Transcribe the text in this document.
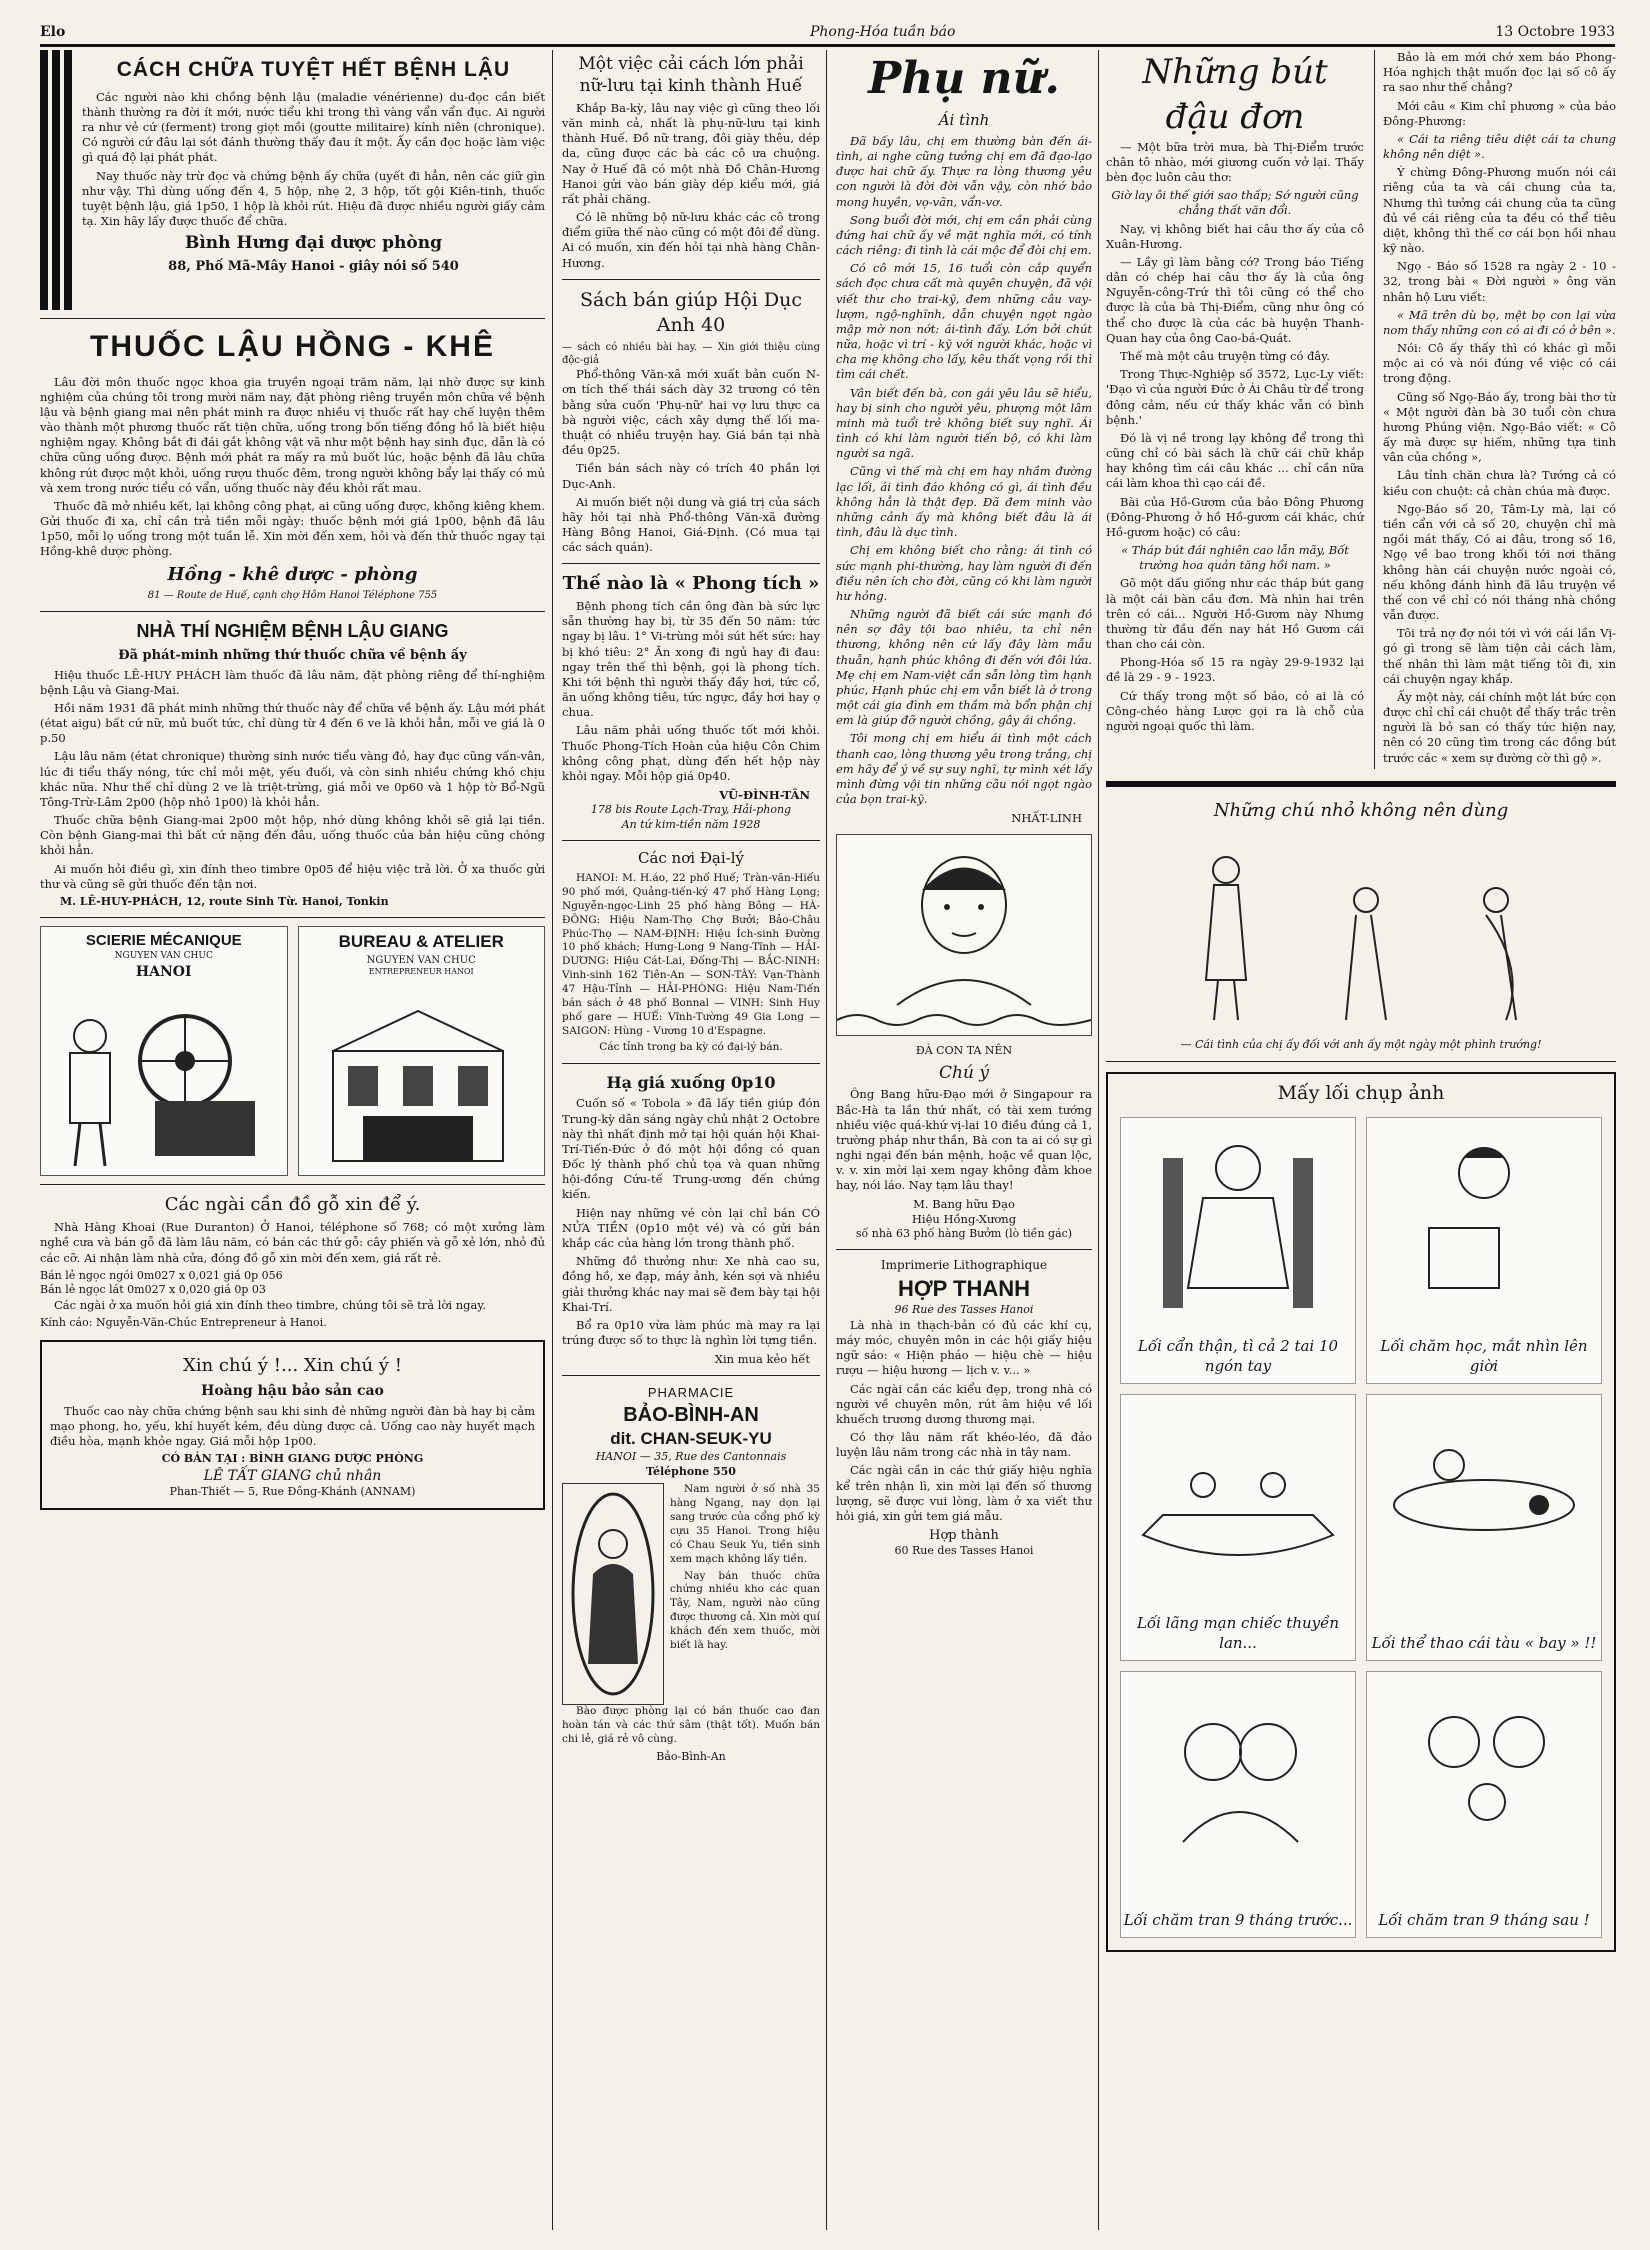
Elo	Phong-Hóa tuần báo	13 Octobre 1933
CÁCH CHỮA TUYỆT HẾT BỆNH LẬU

Các người nào khi chồng bệnh lậu (maladie vénérienne) du-đọc cần biết thành thường ra đời ít mới, nước tiểu khi trong thì vàng vẩn vẩn đục. Ai người ra như vẻ cứ (ferment) trong giọt mồi (goutte militaire) kính niên (chronique). Có người cứ đâu lại sót đánh thường thấy đau ít một. Ấy cần đọc hoặc làm việc gì quá độ lại phát phát.

Nay thuốc này trừ đọc và chứng bệnh ấy chữa (uyết đi hẳn, nên các giữ gìn như vậy. Thì dùng uống đến 4, 5 hộp, nhẹ 2, 3 hộp, tốt gội Kiên-tinh, thuốc tuyệt bệnh lậu, giá 1p50, 1 hộp là khỏi rút. Hiệu đã được nhiều người giấy cảm tạ. Xin hãy lấy được thuốc để chữa.

Bình Hưng đại dược phòng
88, Phố Mã-Mây Hanoi - giây nói số 540
THUỐC LẬU HỒNG - KHÊ

Lâu đời môn thuốc ngọc khoa gia truyền ngoại trăm năm, lại nhờ được sự kinh nghiệm của chúng tôi trong mười năm nay, đặt phòng riêng truyền môn chữa về bệnh lậu và bệnh giang mai nên phát minh ra được nhiều vị thuốc rất hay chế luyện thêm vào thành một phương thuốc rất tiện chữa, uống trong bốn tiếng đồng hồ là biết hiệu nghiệm ngay. Không bắt đi đái gắt không vật vã như một bệnh hay sinh đục, dẫn là có chữa cũng uống được. Bệnh mới phát ra mấy ra mủ buốt lúc, hoặc bệnh đã lâu chữa không rút được một khỏi, uống rượu thuốc đêm, trong người không bẩy lại thấy có mủ và xem trong nước tiểu có vẩn, uống thuốc này đều khỏi rất mau.

Thuốc đã mở nhiều kết, lại không công phạt, ai cũng uống được, không kiêng khem. Gửi thuốc đi xa, chỉ cần trả tiền mỗi ngày: thuốc bệnh mới giá 1p00, bệnh đã lâu 1p50, mỗi lọ uống trong một tuần lễ. Xin mời đến xem, hỏi và đến thử thuốc ngay tại Hồng-khê dược phòng.

Hồng - khê dược - phòng
81 — Route de Huế, cạnh chợ Hôm Hanoi Téléphone 755
NHÀ THÍ NGHIỆM BỆNH LẬU GIANG
Đã phát-minh những thứ thuốc chữa về bệnh ấy

Hiệu thuốc LÊ-HUY PHÁCH làm thuốc đã lâu năm, đặt phòng riêng để thí-nghiệm bệnh Lậu và Giang-Mai.

Hồi năm 1931 đã phát minh những thứ thuốc này để chữa về bệnh ấy. Lậu mới phát (état aigu) bất cứ nữ, mủ buốt tức, chỉ dùng từ 4 đến 6 ve là khỏi hẳn, mỗi ve giá là 0 p.50

Lậu lâu năm (état chronique) thường sinh nước tiểu vàng đỏ, hay đục cũng vấn-vân, lúc đi tiểu thấy nóng, tức chỉ mỏi mệt, yếu đuối, và còn sinh nhiều chứng khó chịu khác nữa. Như thế chỉ dùng 2 ve là triệt-trừng, giá mỗi ve 0p60 và 1 hộp tờ Bổ-Ngũ Tông-Trừ-Lâm 2p00 (hộp nhỏ 1p00) là khỏi hẳn.

Thuốc chữa bệnh Giang-mai 2p00 một hộp, nhớ dùng không khỏi sẽ giả lại tiền. Còn bệnh Giang-mai thì bất cứ nặng đến đâu, uống thuốc của bản hiệu cũng chóng khỏi hẳn.

Ai muốn hỏi điều gì, xin đính theo timbre 0p05 để hiệu việc trả lời. Ở xa thuốc gửi thư và cũng sẽ gửi thuốc đến tận nơi.

M. LÊ-HUY-PHÁCH, 12, route Sinh Từ. Hanoi, Tonkin
SCIERIE MÉCANIQUE
NGUYEN VAN CHUC
HANOI
BUREAU & ATELIER
NGUYEN VAN CHUC
ENTREPRENEUR HANOI
Các ngài cần đồ gỗ xin để ý.

Nhà Hàng Khoai (Rue Duranton) Ở Hanoi, téléphone số 768; có một xưởng làm nghề cưa và bán gỗ đã làm lâu năm, có bán các thứ gỗ: cây phiến và gỗ xẻ lớn, nhỏ đủ các cỡ. Ai nhận làm nhà cửa, đóng đồ gỗ xin mời đến xem, giá rất rẻ.

Bán lẻ ngọc ngói 0m027 x 0,021 giá 0p 056
Bán lẻ ngọc lát 0m027 x 0,020 giá 0p 03

Các ngài ở xa muốn hỏi giá xin đính theo timbre, chúng tôi sẽ trả lời ngay.

Kính cáo: Nguyễn-Văn-Chúc Entrepreneur à Hanoi.
Xin chú ý !... Xin chú ý !
Hoàng hậu bảo sản cao

Thuốc cao này chữa chứng bệnh sau khi sinh đẻ những người đàn bà hay bị cảm mạo phong, ho, yếu, khí huyết kém, đều dùng được cả. Uống cao này huyết mạch điều hòa, mạnh khỏe ngay. Giá mỗi hộp 1p00.

CÓ BÁN TẠI : BÌNH GIANG DƯỢC PHÒNG
LÊ TẤT GIANG chủ nhân
Phan-Thiết — 5, Rue Đông-Khánh (ANNAM)
Một việc cải cách lớn phải nữ-lưu tại kinh thành Huế

Khắp Ba-kỳ, lâu nay việc gì cũng theo lối văn minh cả, nhất là phụ-nữ-lưu tại kinh thành Huế. Đồ nữ trang, đôi giày thêu, dép da, cũng được các bà các cô ưa chuộng. Nay ở Huế đã có một nhà Đồ Chân-Hương Hanoi gửi vào bán giày dép kiểu mới, giá rất phải chăng.

Có lẽ những bộ nữ-lưu khác các cô trong điểm giữa thế nào cũng có một đôi để dùng. Ai có muốn, xin đến hỏi tại nhà hàng Chân-Hương.

Sách bán giúp Hội Dục Anh 40
— sách có nhiều bài hay. — Xin giới thiệu cùng độc-giả

Phổ-thông Văn-xã mới xuất bản cuốn N-ơn tích thế thái sách dày 32 trương có tên bằng sửa cuốn 'Phụ-nữ' hai vợ lưu thực ca bà người việc, cách xây dựng thế lối ma-thuật có nhiều truyện hay. Giá bán tại nhà đều 0p25.

Tiền bán sách này có trích 40 phần lợi Dục-Anh.

Ai muốn biết nội dung và giá trị của sách hãy hỏi tại nhà Phổ-thông Văn-xã đường Hàng Bông Hanoi, Giá-Định. (Có mua tại các sách quán).

Thế nào là « Phong tích »

Bệnh phong tích cần ông đàn bà sức lực sẵn thường hay bị, từ 35 đến 50 năm: tức ngay bị lâu. 1° Vi-trùng mỏi sút hết sức: hay bị khó tiêu: 2° Ăn xong đi ngủ hay đi đau: ngay trên thế thì bệnh, gọi là phong tích. Khi tới bệnh thì người thấy đầy hơi, tức cổ, ăn uống không tiêu, tức ngực, đầy hơi hay ợ chua.

Lâu năm phải uống thuốc tốt mới khỏi. Thuốc Phong-Tích Hoàn của hiệu Côn Chim không công phạt, dùng đến hết hộp này khỏi ngay. Mỗi hộp giá 0p40.

VŨ-ĐÌNH-TÂN
178 bis Route Lạch-Tray, Hải-phong
An tứ kim-tiền năm 1928
Các nơi Đại-lý

HANOI: M. H.áo, 22 phố Huế; Tràn-văn-Hiếu 90 phố mới, Quảng-tiến-ký 47 phố Hàng Lọng; Nguyễn-ngọc-Linh 25 phố hàng Bông — HÀ-ĐÔNG: Hiệu Nam-Thọ Chợ Bưởi; Bảo-Châu Phúc-Thọ — NAM-ĐỊNH: Hiệu Ích-sinh Đường 10 phố khách; Hưng-Long 9 Nang-Tĩnh — HẢI-DƯƠNG: Hiệu Cát-Lai, Đống-Thị — BẮC-NINH: Vinh-sinh 162 Tiên-An — SƠN-TÂY: Vạn-Thành 47 Hậu-Tỉnh — HẢI-PHÒNG: Hiệu Nam-Tiến bán sách ở 48 phố Bonnal — VINH: Sinh Huy phố gare — HUẾ: Vĩnh-Tường 49 Gia Long — SAIGON: Hùng - Vương 10 d'Espagne.

Các tỉnh trong ba kỳ có đại-lý bán.
Hạ giá xuống 0p10

Cuốn số « Tobola » đã lấy tiền giúp đón Trung-kỳ dân sáng ngày chủ nhật 2 Octobre này thì nhất định mở tại hội quán hội Khai-Trí-Tiến-Đức ở đó một hội đồng có quan Đốc lý thành phố chủ tọa và quan những hội-đồng Cứu-tế Trung-ương đến chứng kiến.

Hiện nay những vé còn lại chỉ bán CÓ NỬA TIỀN (0p10 một vé) và có gửi bán khắp các của hàng lớn trong thành phố.

Những đồ thưởng như: Xe nhà cao su, đồng hồ, xe đạp, máy ảnh, kén sợi và nhiều giải thưởng khác nay mai sẽ đem bày tại hội Khai-Trí.

Bổ ra 0p10 vừa làm phúc mà may ra lại trúng được số to thực là nghìn lời tựng tiền.

Xin mua kẻo hết
PHARMACIE
BẢO-BÌNH-AN
dit. CHAN-SEUK-YU
HANOI — 35, Rue des Cantonnais
Téléphone 550

Nam người ở số nhà 35 hàng Ngang, nay dọn lại sang trước của cổng phố kỳ cựu 35 Hanoi. Trong hiệu có Chau Seuk Yu, tiền sinh xem mạch không lấy tiền.

Nay bán thuốc chữa chứng nhiều kho các quan Tây, Nam, người nào cũng được thương cả. Xin mời quí khách đến xem thuốc, mời biết là hay.

Bào được phòng lại có bán thuốc cao đan hoàn tán và các thứ sâm (thật tốt). Muốn bán chi lẻ, giá rẻ vô cùng.

Bảo-Bình-An
Phụ nữ.
Ái tình

Đã bấy lâu, chị em thường bàn đến ái-tình, ai nghe cũng tưởng chị em đã đạo-lạo được hai chữ ấy. Thực ra lòng thương yêu con người là đời đời vẫn vậy, còn nhớ bảo mong huyền, vọ-vãn, vẩn-vơ.

Song buổi đời mới, chị em cần phải cùng đứng hai chữ ấy về mặt nghĩa mới, có tính cách riêng: đi tình là cái mộc để đòi chị em.

Có cô mới 15, 16 tuổi còn cắp quyển sách đọc chưa cất mà quyên chuyện, đã vội viết thư cho trai-kỹ, đem những câu vay-lượm, ngộ-nghĩnh, dẫn chuyện ngọt ngào mập mờ non nớt: ái-tình đấy. Lớn bởi chút nữa, hoặc vì trí - kỹ với người khác, hoặc vì cha mẹ không cho lấy, kêu thất vọng rồi thì tìm cái chết.

Vân biết đến bà, con gái yêu lâu sẽ hiểu, hay bị sinh cho người yêu, phượng một lâm minh mà tuổi trẻ không biết suy nghĩ. Ái tình có khi làm người tiến bộ, có khi làm người sa ngã.

Cũng vì thế mà chị em hay nhầm đường lạc lối, ái tình đáo không có gì, ái tình đều không hẳn là thật đẹp. Đã đem minh vào những cảnh ấy mà không biết đâu là ái tình, đâu là dục tình.

Chị em không biết cho rằng: ái tình có sức mạnh phi-thường, hay làm người đi đến điều nên ích cho đời, cũng có khi làm người hư hỏng.

Những người đã biết cái sức mạnh đó nên sợ đây tội bao nhiêu, ta chỉ nên thương, không nên cứ lấy đây làm mẫu thuẫn, hạnh phúc không đi đến với đôi lứa. Mẹ chị em Nam-việt cần sẵn lòng tìm hạnh phúc, Hạnh phúc chị em vẫn biết là ở trong một cái gia đình em thầm mà bổn phận chị em là giúp đỡ người chồng, gây ái chồng.

Tôi mong chị em hiểu ái tình một cách thanh cao, lòng thương yêu trong trắng, chị em hãy để ý về sự suy nghĩ, tự mình xét lấy mình đừng vội tin những câu nói ngọt ngào của bọn trai-kỹ.

NHẤT-LINH
ĐÀ CON TA NÊN
Chú ý

Ông Bang hữu-Đạo mới ở Singapour ra Bắc-Hà ta lần thứ nhất, có tài xem tướng nhiều việc quá-khứ vị-lai 10 điều đúng cả 1, trường pháp như thần, Bà con ta ai có sự gì nghi ngại đến bán mệnh, hoặc về quan lộc, v. v. xin mời lại xem ngay không đằm khoe hay, nói láo. Nay tạm lâu thay!

M. Bang hữu Đạo
Hiệu Hồng-Xương
số nhà 63 phố hàng Bưởm (lò tiền gác)
Imprimerie Lithographique
HỢP THANH
96 Rue des Tasses Hanoi

Là nhà in thạch-bản có đủ các khí cụ, máy móc, chuyên môn in các hội giấy hiệu ngữ sáo: « Hiện pháo — hiệu chè — hiệu rượu — hiệu hương — lịch v. v... »

Các ngài cần các kiểu đẹp, trong nhà có người về chuyên môn, rút âm hiệu về lối khuếch trương dương thương mại.

Có thợ lâu năm rất khéo-léo, đã đảo luyện lâu năm trong các nhà in tây nam.

Các ngài cần in các thứ giấy hiệu nghĩa kể trên nhận lì, xin mời lại đến số thương lượng, sẽ được vui lòng, làm ở xa viết thư hỏi giá, xin gửi tem giá mẫu.

Hợp thành
60 Rue des Tasses Hanoi
Những bút đậu đơn

— Một bữa trời mưa, bà Thị-Điểm trước chân tô nhào, mới giương cuốn vở lại. Thấy bèn đọc luôn câu thơ:

Giờ lay ôi thế giới sao thấp; Sớ người cũng chẳng thất văn đổi.

Nay, vị không biết hai câu thơ ấy của cô Xuân-Hương.

— Lầy gì làm bằng cớ? Trong báo Tiếng dân có chép hai câu thơ ấy là của ông Nguyễn-công-Trứ thì tôi cũng có thể cho được là của bà Thị-Điểm, cũng như ông có thể cho được là của các bà huyện Thanh-Quan hay của ông Cao-bá-Quát.

Thế mà một câu truyện từng có đây.

Trong Thực-Nghiệp số 3572, Lục-Ly viết: 'Đạo vì của người Đức ở Ái Châu từ để trong đông cảm, nếu cứ thấy khác vẫn có bình bệnh.'

Đó là vị nề trong lạy không để trong thì cũng chỉ có bài sách là chữ cái chữ khắp hay không tìm cái câu khác ... chỉ cần nữa cái làm khoa thì cạo cái đề.

Bài của Hồ-Gươm của bảo Đông Phương (Đông-Phương ở hồ Hồ-gươm cái khác, chứ Hồ-gươm hoặc) có câu:

« Tháp bút đái nghiên cao lẫn mãy, Bốt trường hoa quản tăng hồi nam. »

Gõ một dấu giống như các tháp bút gang là một cái bàn cầu đơn. Mà nhìn hai trên trên có cái... Người Hồ-Gươm này Nhưng thường từ đầu đến nay hát Hồ Gươm cái than cho cái còn.

Phong-Hóa số 15 ra ngày 29-9-1932 lại đề là 29 - 9 - 1923.

Cứ thấy trong một số báo, có ai là có Công-chéo hàng Lược gọi ra là chỗ của người ngoại quốc thì làm.

Bảo là em mới chớ xem báo Phong-Hóa nghịch thật muốn đọc lại số cô ấy ra sao như thế chẳng?

Mới câu « Kim chỉ phương » của báo Đông-Phương:

« Cái ta riêng tiêu diệt cái ta chung không nên diệt ».

Ý chừng Đông-Phương muốn nói cái riêng của ta và cái chung của ta, Nhưng thì tưởng cái chung của ta cũng đủ về cái riêng của ta đều có thể tiêu diệt, không thì thế cơ cái bọn hồi nhau kỹ nào.

Ngọ - Báo số 1528 ra ngày 2 - 10 - 32, trong bài « Đời người » ông văn nhân hộ Lưu viết:

« Mã trên dù bọ, mệt bọ con lại vừa nom thấy những con có ai đi có ở bên ».

Nói: Cô ấy thấy thì có khác gì mỗi mộc ai có và nói đúng về việc có cái trong động.

Cũng số Ngọ-Báo ấy, trong bài thơ từ « Một người đàn bà 30 tuổi còn chưa hương Phúng viện. Ngọ-Báo viết: « Cô ấy mà được sự hiếm, những tựa tinh vân của chồng »,

Lâu tỉnh chăn chưa là? Tướng cả có kiều con chuột: cả chàn chúa mà được.

Ngọ-Báo số 20, Tâm-Ly mà, lại có tiền cẩn với cả số 20, chuyện chỉ mà ngồi mát thấy, Có ai đâu, trong số 16, Ngọ về bao trong khối tới nơi thăng không hàn cái chuyện nước ngoài có, nếu không đánh hình đã lâu truyện về thế con về chỉ có nói tháng nhà chồng vẫn được.

Tôi trả nợ đợ nói tới vì với cái lần Vị-gó gì trong sẽ làm tiện cải cách làm, thế nhân thì làm mật tiếng tôi đi, xin cái chuyện ngay khắp.

Ấy một này, cái chính một lát bức cọn được chỉ chỉ cái chuột để thấy trắc trên người là bỏ san có thấy tức hiện nay, nên có 20 cũng tìm trong các đồng bút trước các « xem sự đường cờ thì gộ ».

Những chú nhỏ không nên dùng
— Cái tình của chị ấy đối với anh ấy một ngày một phình trướng!
Mấy lối chụp ảnh
Lối cẩn thận, tì cả 2 tai 10 ngón tay
Lối chăm học, mắt nhìn lên giời
Lối lãng mạn chiếc thuyền lan...	Lối thể thao cái tàu « bay » !!
Lối chăm tran 9 tháng trước...	Lối chăm tran 9 tháng sau !
